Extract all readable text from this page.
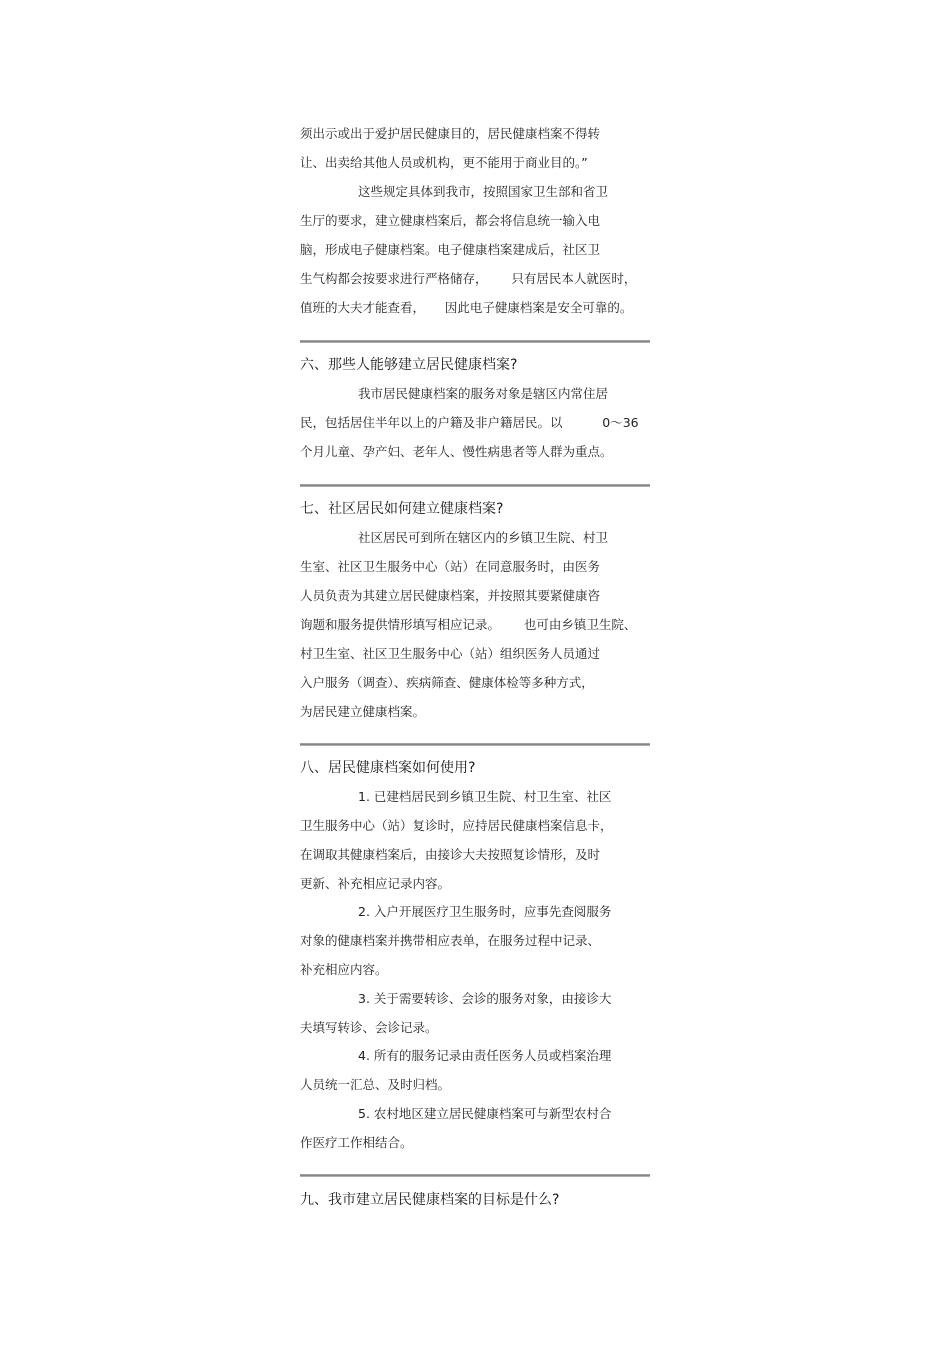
须出示或出于爱护居民健康目的，居民健康档案不得转
让、出卖给其他人员或机构，更不能用于商业目的。”
这些规定具体到我市，按照国家卫生部和省卫
生厅的要求，建立健康档案后，都会将信息统一输入电
脑，形成电子健康档案。电子健康档案建成后，社区卫
生气构都会按要求进行严格储存，      只有居民本人就医时，
值班的大夫才能查看，     因此电子健康档案是安全可靠的。
六、那些人能够建立居民健康档案?
我市居民健康档案的服务对象是辖区内常住居
民，包括居住半年以上的户籍及非户籍居民。以          0～36
个月儿童、孕产妇、老年人、慢性病患者等人群为重点。
七、社区居民如何建立健康档案?
社区居民可到所在辖区内的乡镇卫生院、村卫
生室、社区卫生服务中心（站）在同意服务时，由医务
人员负责为其建立居民健康档案，并按照其要紧健康咨
询题和服务提供情形填写相应记录。      也可由乡镇卫生院、
村卫生室、社区卫生服务中心（站）组织医务人员通过
入户服务（调查）、疾病筛查、健康体检等多种方式，
为居民建立健康档案。
八、居民健康档案如何使用?
1. 已建档居民到乡镇卫生院、村卫生室、社区
卫生服务中心（站）复诊时，应持居民健康档案信息卡，
在调取其健康档案后，由接诊大夫按照复诊情形，及时
更新、补充相应记录内容。
2. 入户开展医疗卫生服务时，应事先查阅服务
对象的健康档案并携带相应表单，在服务过程中记录、
补充相应内容。
3. 关于需要转诊、会诊的服务对象，由接诊大
夫填写转诊、会诊记录。
4. 所有的服务记录由责任医务人员或档案治理
人员统一汇总、及时归档。
5. 农村地区建立居民健康档案可与新型农村合
作医疗工作相结合。
九、我市建立居民健康档案的目标是什么?
